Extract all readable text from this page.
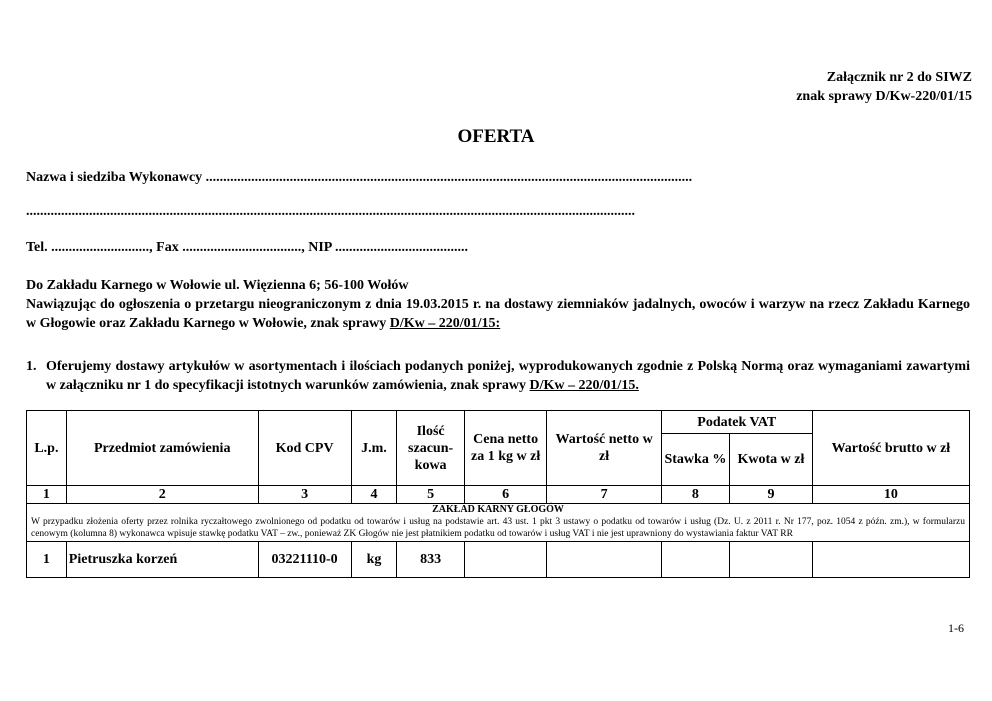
Załącznik nr 2 do SIWZ
znak sprawy D/Kw-220/01/15
OFERTA
Nazwa i siedziba Wykonawcy ...........................................................................................................................................
..............................................................................................................................................................................
Tel. ............................, Fax .................................., NIP ......................................
Do Zakładu Karnego w Wołowie ul. Więzienna 6; 56-100 Wołów
Nawiązując do ogłoszenia o przetargu nieograniczonym z dnia 19.03.2015 r. na dostawy ziemniaków jadalnych, owoców i warzyw na rzecz Zakładu Karnego w Głogowie oraz Zakładu Karnego w Wołowie, znak sprawy D/Kw – 220/01/15:
1. Oferujemy dostawy artykułów w asortymentach i ilościach podanych poniżej, wyprodukowanych zgodnie z Polską Normą oraz wymaganiami zawartymi w załączniku nr 1 do specyfikacji istotnych warunków zamówienia, znak sprawy D/Kw – 220/01/15.
L.p.	Przedmiot zamówienia	Kod CPV	J.m.	Ilość szacun-kowa	Cena netto za 1 kg w zł	Wartość netto w zł	Podatek VAT		Wartość brutto w zł
							Stawka %	Kwota w zł	
1	2	3	4	5	6	7	8	9	10

ZAKŁAD KARNY GŁOGÓW
W przypadku złożenia oferty przez rolnika ryczałtowego zwolnionego od podatku od towarów i usług na podstawie art. 43 ust. 1 pkt 3 ustawy o podatku od towarów i usług (Dz. U. z 2011 r. Nr 177, poz. 1054 z późn. zm.), w formularzu cenowym (kolumna 8) wykonawca wpisuje stawkę podatku VAT – zw., ponieważ ZK Głogów nie jest płatnikiem podatku od towarów i usług VAT i nie jest uprawniony do wystawiania faktur VAT RR									

1	Pietruszka korzeń	03221110-0	kg	833					
1-6
